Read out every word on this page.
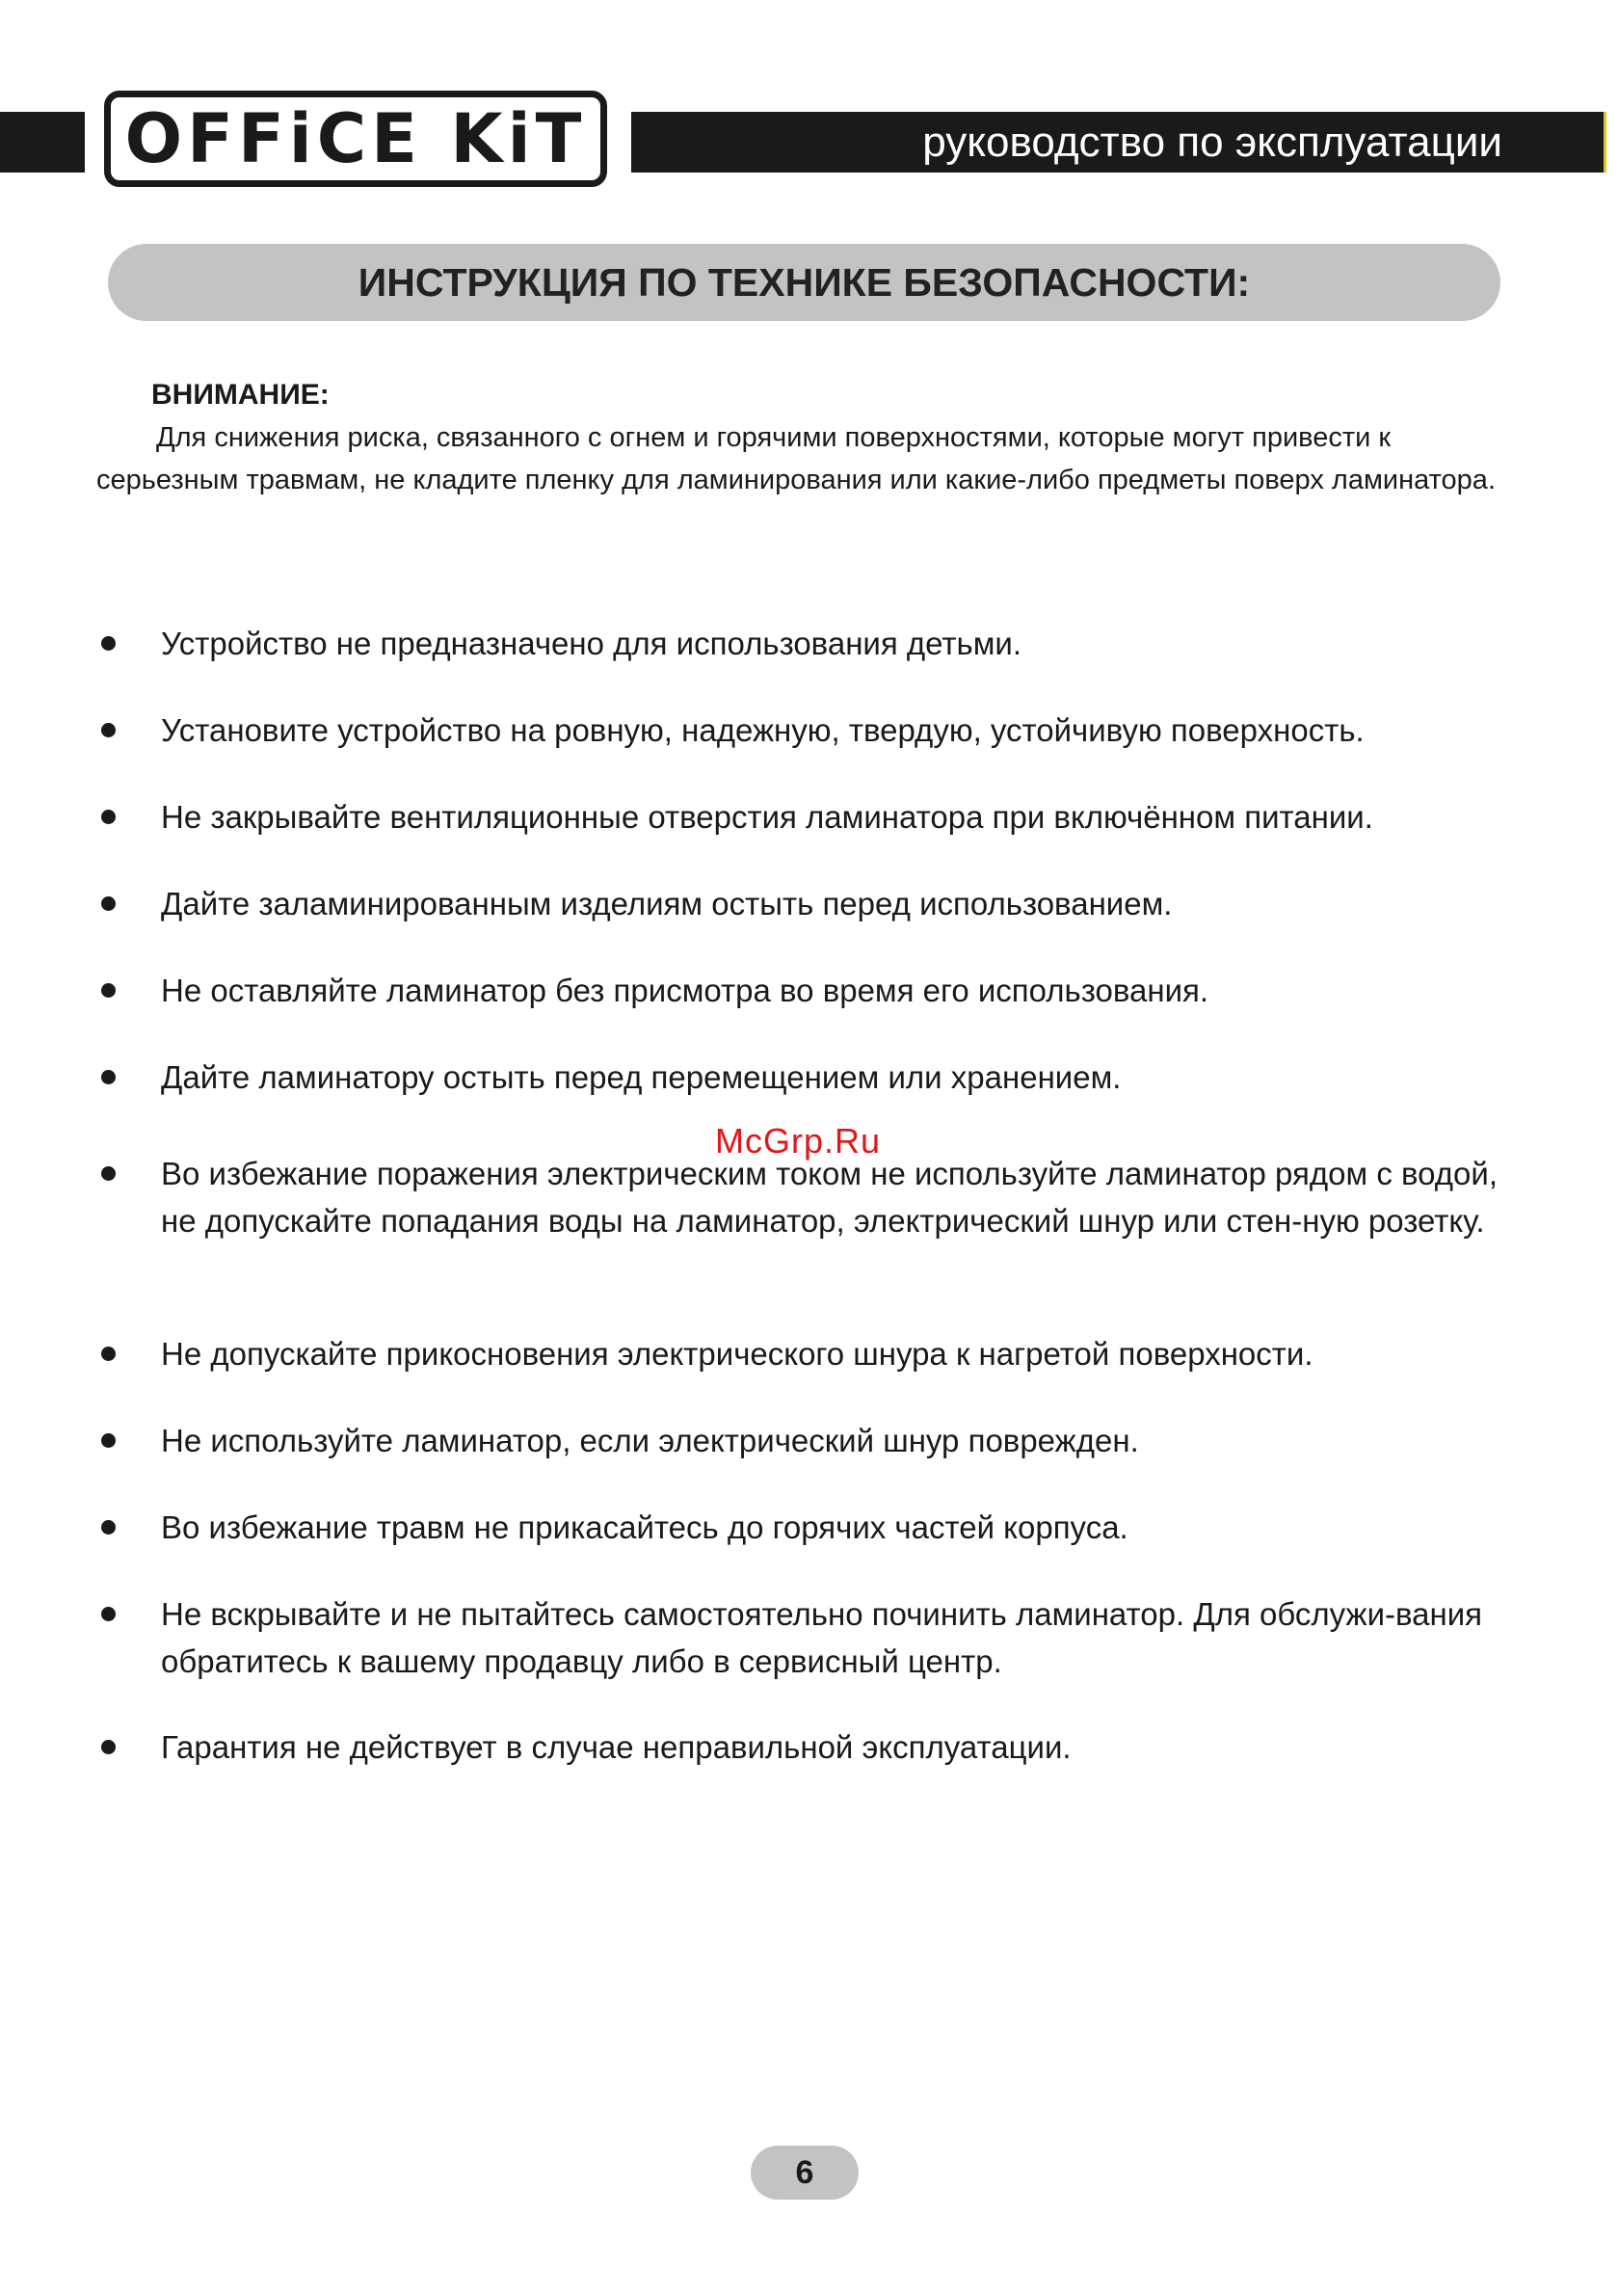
OFFiCE KiT	руководство по эксплуатации
ИНСТРУКЦИЯ ПО ТЕХНИКЕ БЕЗОПАСНОСТИ:
ВНИМАНИЕ:

Для снижения риска, связанного с огнем и горячими поверхностями, которые могут привести к серьезным травмам, не кладите пленку для ламинирования или какие-либо предметы поверх ламинатора.

Устройство не предназначено для использования детьми.
Установите устройство на ровную, надежную, твердую, устойчивую поверхность.
Не закрывайте вентиляционные отверстия ламинатора при включённом питании.
Дайте заламинированным изделиям остыть перед использованием.
Не оставляйте ламинатор без присмотра во время его использования.
Дайте ламинатору остыть перед перемещением или хранением.
Во избежание поражения электрическим током не используйте ламинатор рядом с водой, не допускайте попадания воды на ламинатор, электрический шнур или стен-ную розетку.
Не допускайте прикосновения электрического шнура к нагретой поверхности.
Не используйте ламинатор, если электрический шнур поврежден.
Во избежание травм не прикасайтесь до горячих частей корпуса.
Не вскрывайте и не пытайтесь самостоятельно починить ламинатор. Для обслужи-вания обратитесь к вашему продавцу либо в сервисный центр.
Гарантия не действует в случае неправильной эксплуатации.
McGrp.Ru
6
